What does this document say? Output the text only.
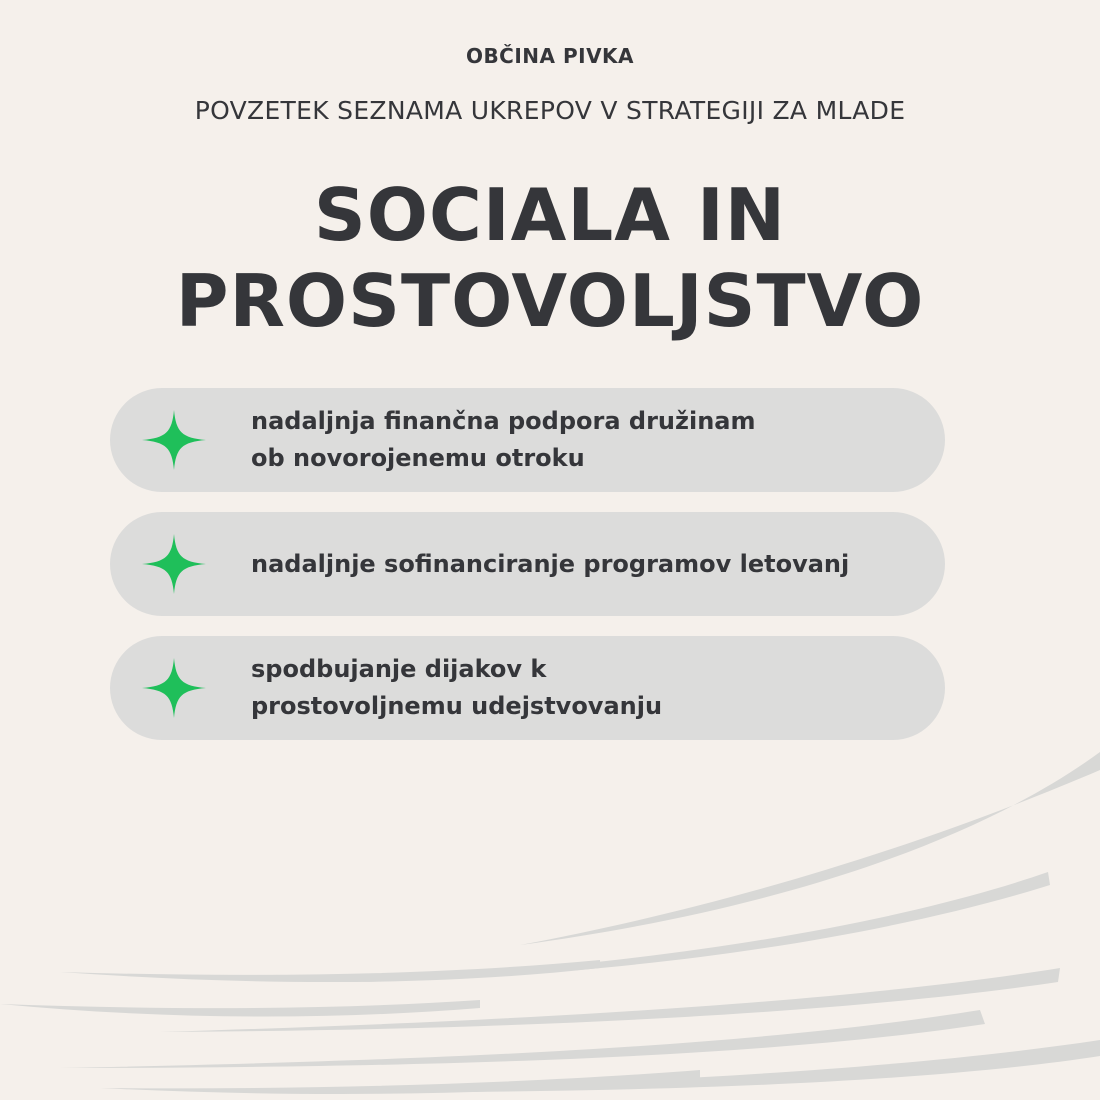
OBČINA PIVKA
POVZETEK SEZNAMA UKREPOV V STRATEGIJI ZA MLADE
SOCIALA IN
PROSTOVOLJSTVO
nadaljnja finančna podpora družinam
ob novorojenemu otroku
nadaljnje sofinanciranje programov letovanj
spodbujanje dijakov k
prostovoljnemu udejstvovanju
